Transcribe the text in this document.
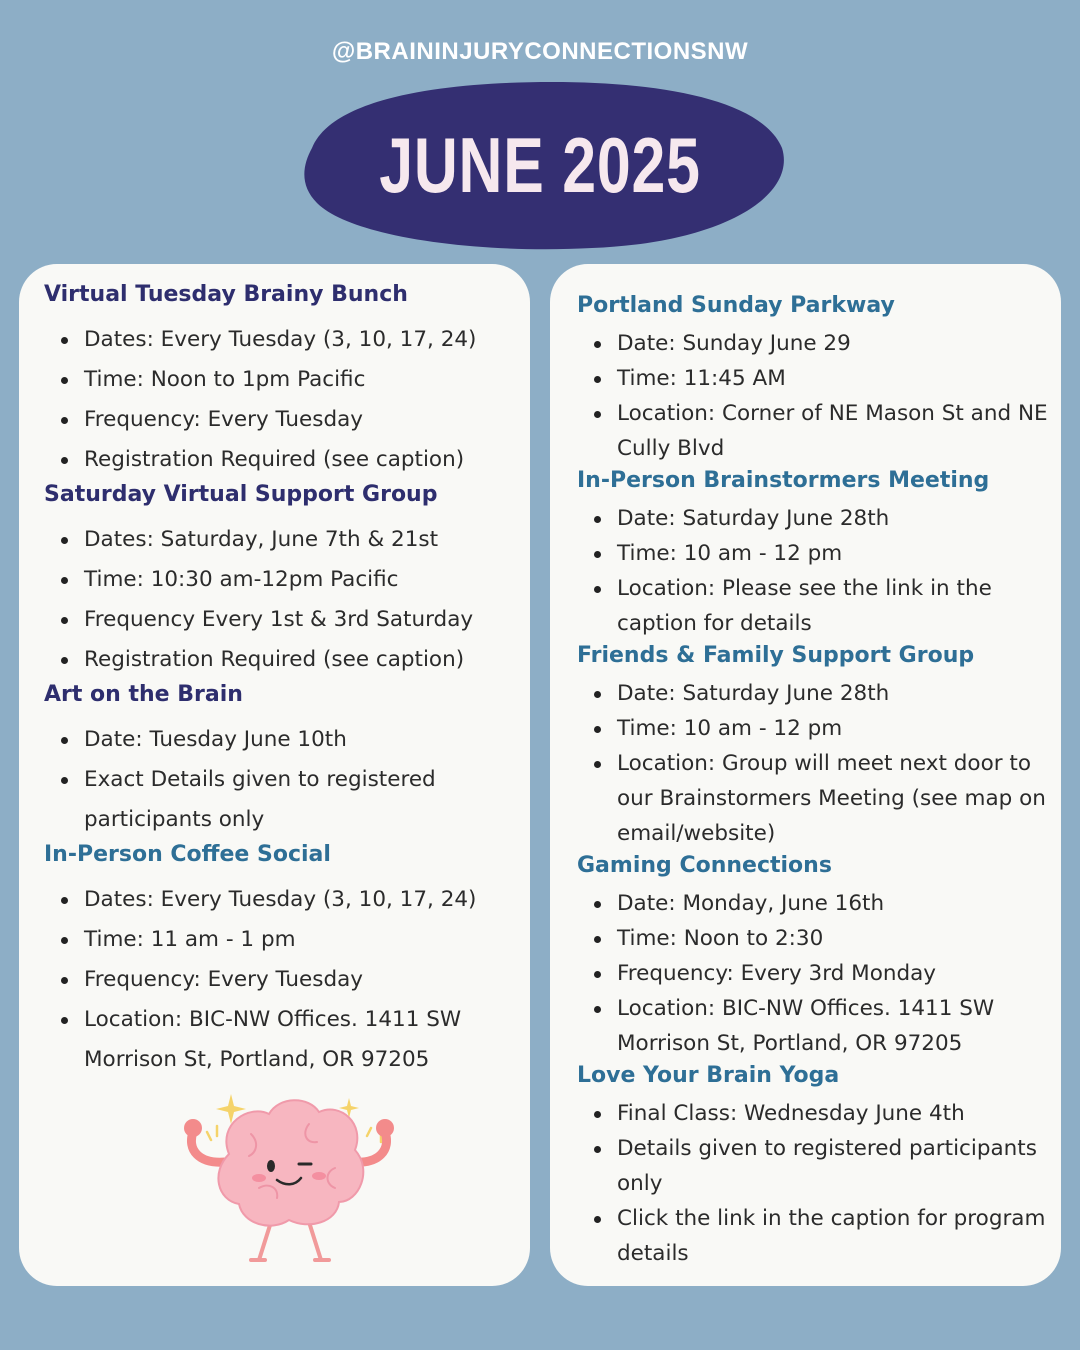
@BRAININJURYCONNECTIONSNW
JUNE 2025
Virtual Tuesday Brainy Bunch
Dates: Every Tuesday (3, 10, 17, 24)
Time: Noon to 1pm Pacific
Frequency: Every Tuesday
Registration Required (see caption)
Saturday Virtual Support Group
Dates: Saturday, June 7th & 21st
Time: 10:30 am-12pm Pacific
Frequency Every 1st & 3rd Saturday
Registration Required (see caption)
Art on the Brain
Date: Tuesday June 10th
Exact Details given to registered participants only
In-Person Coffee Social
Dates: Every Tuesday (3, 10, 17, 24)
Time: 11 am - 1 pm
Frequency: Every Tuesday
Location: BIC-NW Offices. 1411 SW Morrison St, Portland, OR 97205
Portland Sunday Parkway
Date: Sunday June 29
Time: 11:45 AM
Location: Corner of NE Mason St and NE Cully Blvd
In-Person Brainstormers Meeting
Date: Saturday June 28th
Time: 10 am - 12 pm
Location: Please see the link in the caption for details
Friends & Family Support Group
Date: Saturday June 28th
Time: 10 am - 12 pm
Location: Group will meet next door to our Brainstormers Meeting (see map on email/website)
Gaming Connections
Date: Monday, June 16th
Time: Noon to 2:30
Frequency: Every 3rd Monday
Location: BIC-NW Offices. 1411 SW Morrison St, Portland, OR 97205
Love Your Brain Yoga
Final Class: Wednesday June 4th
Details given to registered participants only
Click the link in the caption for program details
